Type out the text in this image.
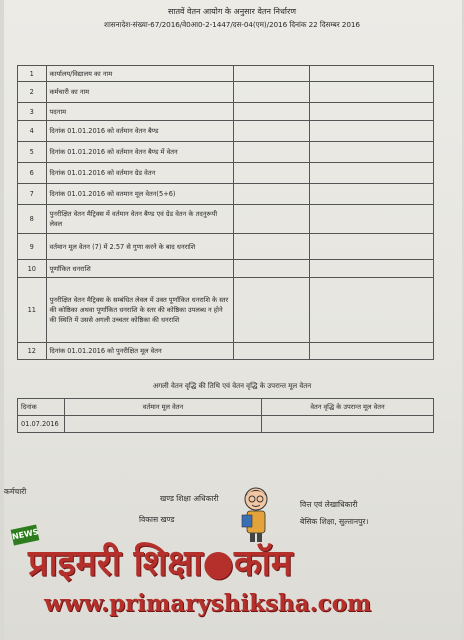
सातवें वेतन आयोग के अनुसार वेतन निर्धारण
शासनादेश-संख्या-67/2016/वे0आ0-2-1447/दस-04(एम)/2016 दिनांक 22 दिसम्बर 2016
1	कार्यालय/विद्यालय का नाम		
2	कर्मचारी का नाम		
3	पदनाम		
4	दिनांक 01.01.2016 को वर्तमान वेतन बैण्ड		
5	दिनांक 01.01.2016 को वर्तमान वेतन बैण्ड में वेतन		
6	दिनांक 01.01.2016 को वर्तमान ग्रेड वेतन		
7	दिनांक 01.01.2016 को वतमान मूल वेतन(5+6)		
8	पुनरीक्षित वेतन मैट्रिक्स में वर्तमान वेतन बैण्ड एवं ग्रेड वेतन के तदनुरूपी लेवल		
9	वर्तमान मूल वेतन (7) में 2.57 से गुणा करने के बाद धनराशि		
10	पूर्णांकित धनराशि		
11	पुनरीक्षित वेतन मैट्रिक्स के सम्बंधित लेवल में उक्त पूर्णांकित धनराशि के स्तर की कोष्ठिका अथवा पूर्णांकित धनराशि के स्तर की कोष्ठिका उपलब्ध न होने की स्थिति में उससे अगली उच्चतर कोष्ठिका की धनराशि		
12	दिनांक 01.01.2016 को पुनरीक्षित मूल वेतन		
अगली वेतन वृद्धि की तिथि एवं वेतन वृद्धि के उपरान्त मूल वेतन
दिनांक	वर्तमान मूल वेतन	वेतन वृद्धि के उपरान्त मूल वेतन
01.07.2016		
कर्मचारी
खण्ड शिक्षा अधिकारी
विकास खण्ड
वित्त एवं लेखाधिकारी
बेसिक शिक्षा, सुल्तानपुर।
NEWS
प्राइमरी शिक्षा●कॉम
www.primaryshiksha.com
